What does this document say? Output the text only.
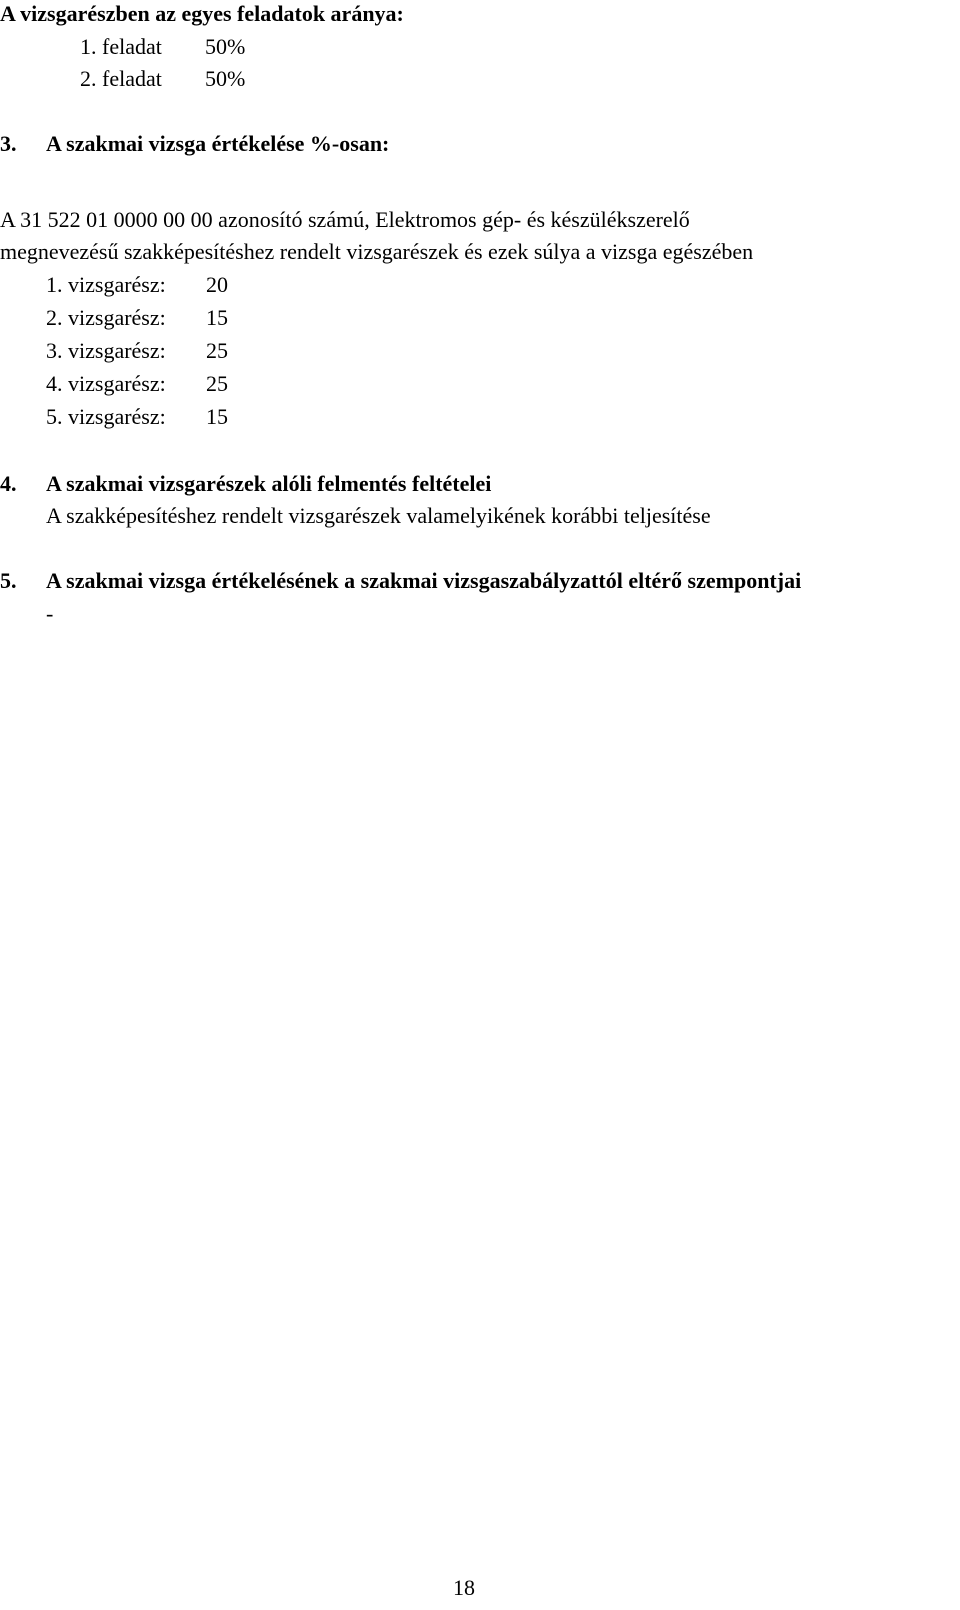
A vizsgarészben az egyes feladatok aránya:
1. feladat 50%
2. feladat 50%
3. A szakmai vizsga értékelése %-osan:
A 31 522 01 0000 00 00 azonosító számú, Elektromos gép- és készülékszerelő
megnevezésű szakképesítéshez rendelt vizsgarészek és ezek súlya a vizsga egészében
1. vizsgarész: 20
2. vizsgarész: 15
3. vizsgarész: 25
4. vizsgarész: 25
5. vizsgarész: 15
4. A szakmai vizsgarészek alóli felmentés feltételei
A szakképesítéshez rendelt vizsgarészek valamelyikének korábbi teljesítése
5. A szakmai vizsga értékelésének a szakmai vizsgaszabályzattól eltérő szempontjai
-
18
